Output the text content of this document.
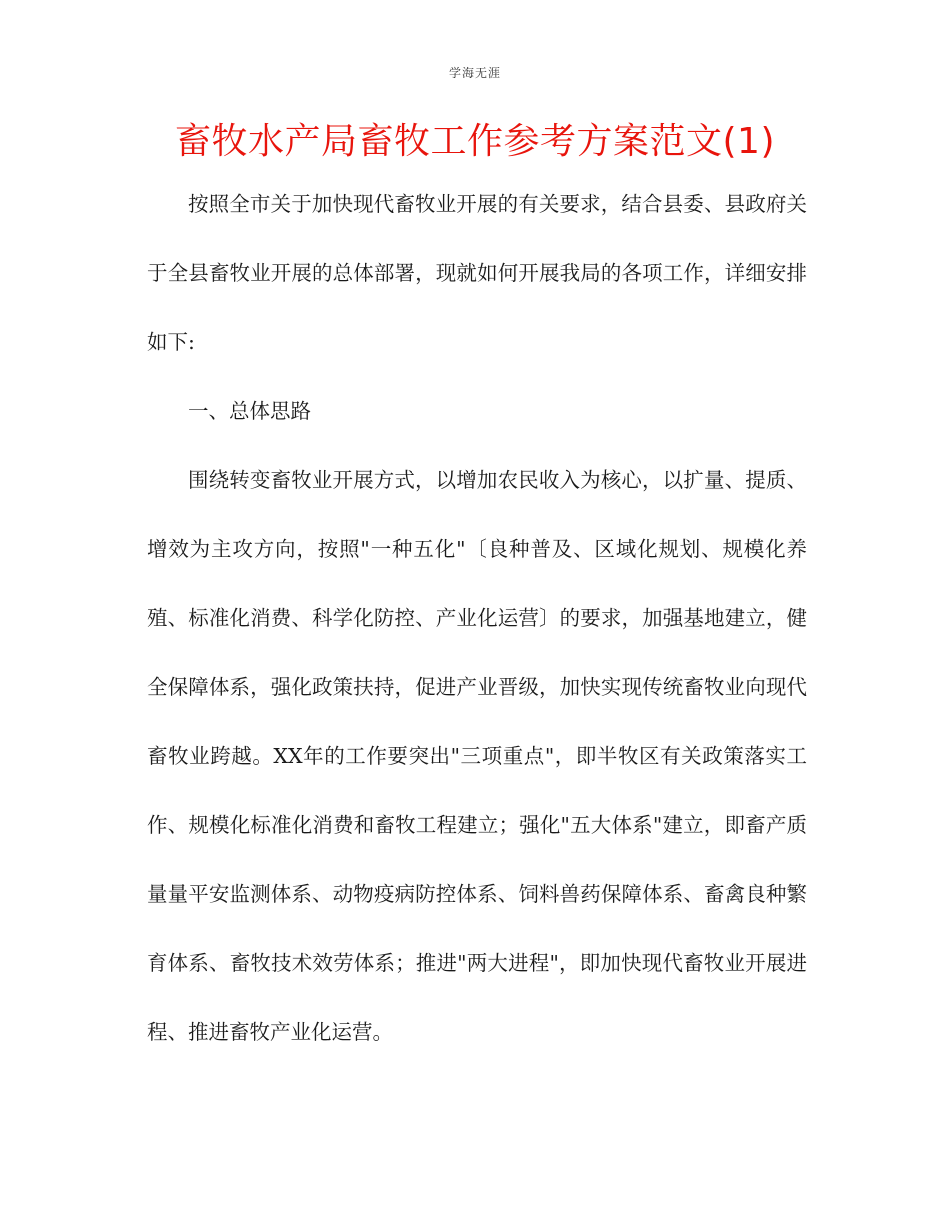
学海无涯
畜牧水产局畜牧工作参考方案范文(1)

按照全市关于加快现代畜牧业开展的有关要求，结合县委、县政府关于全县畜牧业开展的总体部署，现就如何开展我局的各项工作，详细安排如下:

一、总体思路

围绕转变畜牧业开展方式，以增加农民收入为核心，以扩量、提质、增效为主攻方向，按照"一种五化"〔良种普及、区域化规划、规模化养殖、标准化消费、科学化防控、产业化运营〕的要求，加强基地建立，健全保障体系，强化政策扶持，促进产业晋级，加快实现传统畜牧业向现代畜牧业跨越。XX年的工作要突出"三项重点"，即半牧区有关政策落实工作、规模化标准化消费和畜牧工程建立；强化"五大体系"建立，即畜产质量量平安监测体系、动物疫病防控体系、饲料兽药保障体系、畜禽良种繁育体系、畜牧技术效劳体系；推进"两大进程"，即加快现代畜牧业开展进程、推进畜牧产业化运营。
